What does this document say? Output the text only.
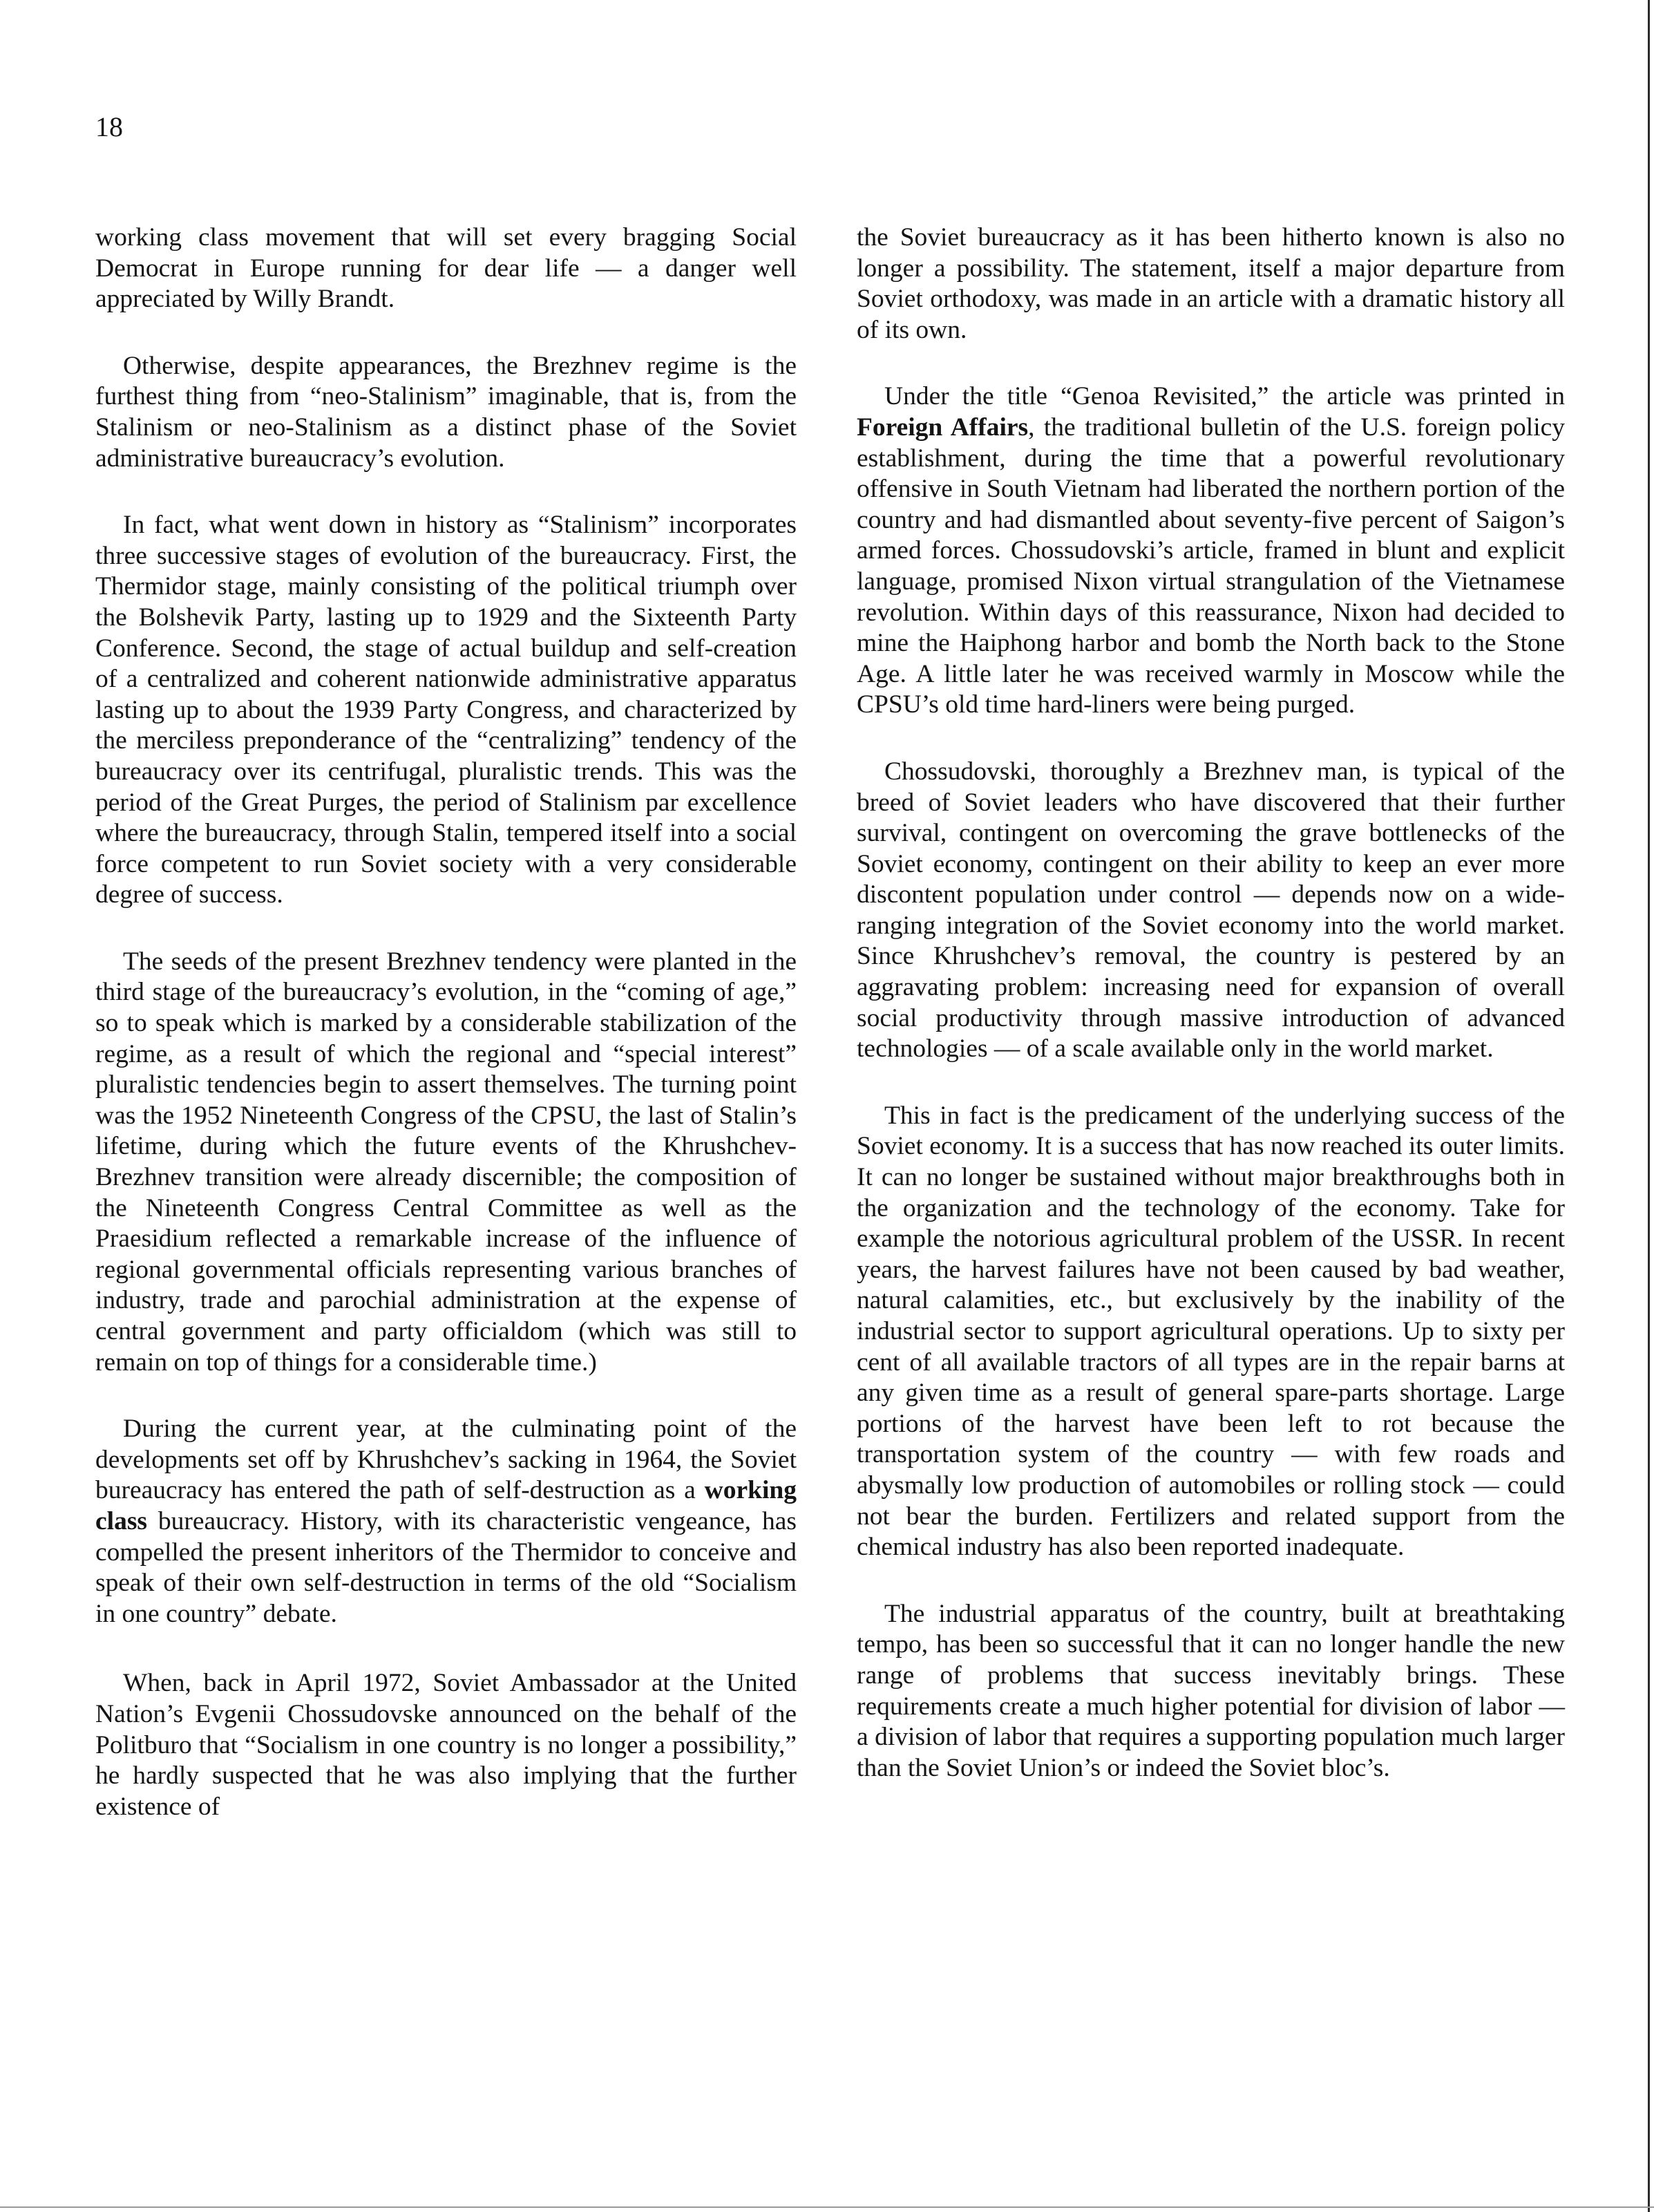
18

working class movement that will set every bragging Social Democrat in Europe running for dear life — a danger well appreciated by Willy Brandt.

Otherwise, despite appearances, the Brezhnev regime is the furthest thing from “neo-Stalinism” imaginable, that is, from the Stalinism or neo-Stalinism as a distinct phase of the Soviet administrative bureaucracy’s evolution.

In fact, what went down in history as “Stalinism” incorporates three successive stages of evolution of the bureaucracy. First, the Thermidor stage, mainly consisting of the political triumph over the Bolshevik Party, lasting up to 1929 and the Sixteenth Party Conference. Second, the stage of actual buildup and self-creation of a centralized and coherent nationwide administrative apparatus lasting up to about the 1939 Party Congress, and characterized by the merciless preponderance of the “centralizing” tendency of the bureaucracy over its centrifugal, pluralistic trends. This was the period of the Great Purges, the period of Stalinism par excellence where the bureaucracy, through Stalin, tempered itself into a social force competent to run Soviet society with a very considerable degree of success.

The seeds of the present Brezhnev tendency were planted in the third stage of the bureaucracy’s evolution, in the “coming of age,” so to speak which is marked by a considerable stabilization of the regime, as a result of which the regional and “special interest” pluralistic tendencies begin to assert themselves. The turning point was the 1952 Nineteenth Congress of the CPSU, the last of Stalin’s lifetime, during which the future events of the Khrushchev-Brezhnev transition were already discernible; the composition of the Nineteenth Congress Central Committee as well as the Praesidium reflected a remarkable increase of the influence of regional governmental officials representing various branches of industry, trade and parochial administration at the expense of central government and party officialdom (which was still to remain on top of things for a considerable time.)

During the current year, at the culminating point of the developments set off by Khrushchev’s sacking in 1964, the Soviet bureaucracy has entered the path of self-destruction as a working class bureaucracy. History, with its characteristic vengeance, has compelled the present inheritors of the Thermidor to conceive and speak of their own self-destruction in terms of the old “Socialism in one country” debate.

When, back in April 1972, Soviet Ambassador at the United Nation’s Evgenii Chossudovske announced on the behalf of the Politburo that “Socialism in one country is no longer a possibility,” he hardly suspected that he was also implying that the further existence of

the Soviet bureaucracy as it has been hitherto known is also no longer a possibility. The statement, itself a major departure from Soviet orthodoxy, was made in an article with a dramatic history all of its own.

Under the title “Genoa Revisited,” the article was printed in Foreign Affairs, the traditional bulletin of the U.S. foreign policy establishment, during the time that a powerful revolutionary offensive in South Vietnam had liberated the northern portion of the country and had dismantled about seventy-five percent of Saigon’s armed forces. Chossudovski’s article, framed in blunt and explicit language, promised Nixon virtual strangulation of the Vietnamese revolution. Within days of this reassurance, Nixon had decided to mine the Haiphong harbor and bomb the North back to the Stone Age. A little later he was received warmly in Moscow while the CPSU’s old time hard-liners were being purged.

Chossudovski, thoroughly a Brezhnev man, is typical of the breed of Soviet leaders who have discovered that their further survival, contingent on overcoming the grave bottlenecks of the Soviet economy, contingent on their ability to keep an ever more discontent population under control — depends now on a wide-ranging integration of the Soviet economy into the world market. Since Khrushchev’s removal, the country is pestered by an aggravating problem: increasing need for expansion of overall social productivity through massive introduction of advanced technologies — of a scale available only in the world market.

This in fact is the predicament of the underlying success of the Soviet economy. It is a success that has now reached its outer limits. It can no longer be sustained without major breakthroughs both in the organization and the technology of the economy. Take for example the notorious agricultural problem of the USSR. In recent years, the harvest failures have not been caused by bad weather, natural calamities, etc., but exclusively by the inability of the industrial sector to support agricultural operations. Up to sixty per cent of all available tractors of all types are in the repair barns at any given time as a result of general spare-parts shortage. Large portions of the harvest have been left to rot because the transportation system of the country — with few roads and abysmally low production of automobiles or rolling stock — could not bear the burden. Fertilizers and related support from the chemical industry has also been reported inadequate.

The industrial apparatus of the country, built at breathtaking tempo, has been so successful that it can no longer handle the new range of problems that success inevitably brings. These requirements create a much higher potential for division of labor — a division of labor that requires a supporting population much larger than the Soviet Union’s or indeed the Soviet bloc’s.
